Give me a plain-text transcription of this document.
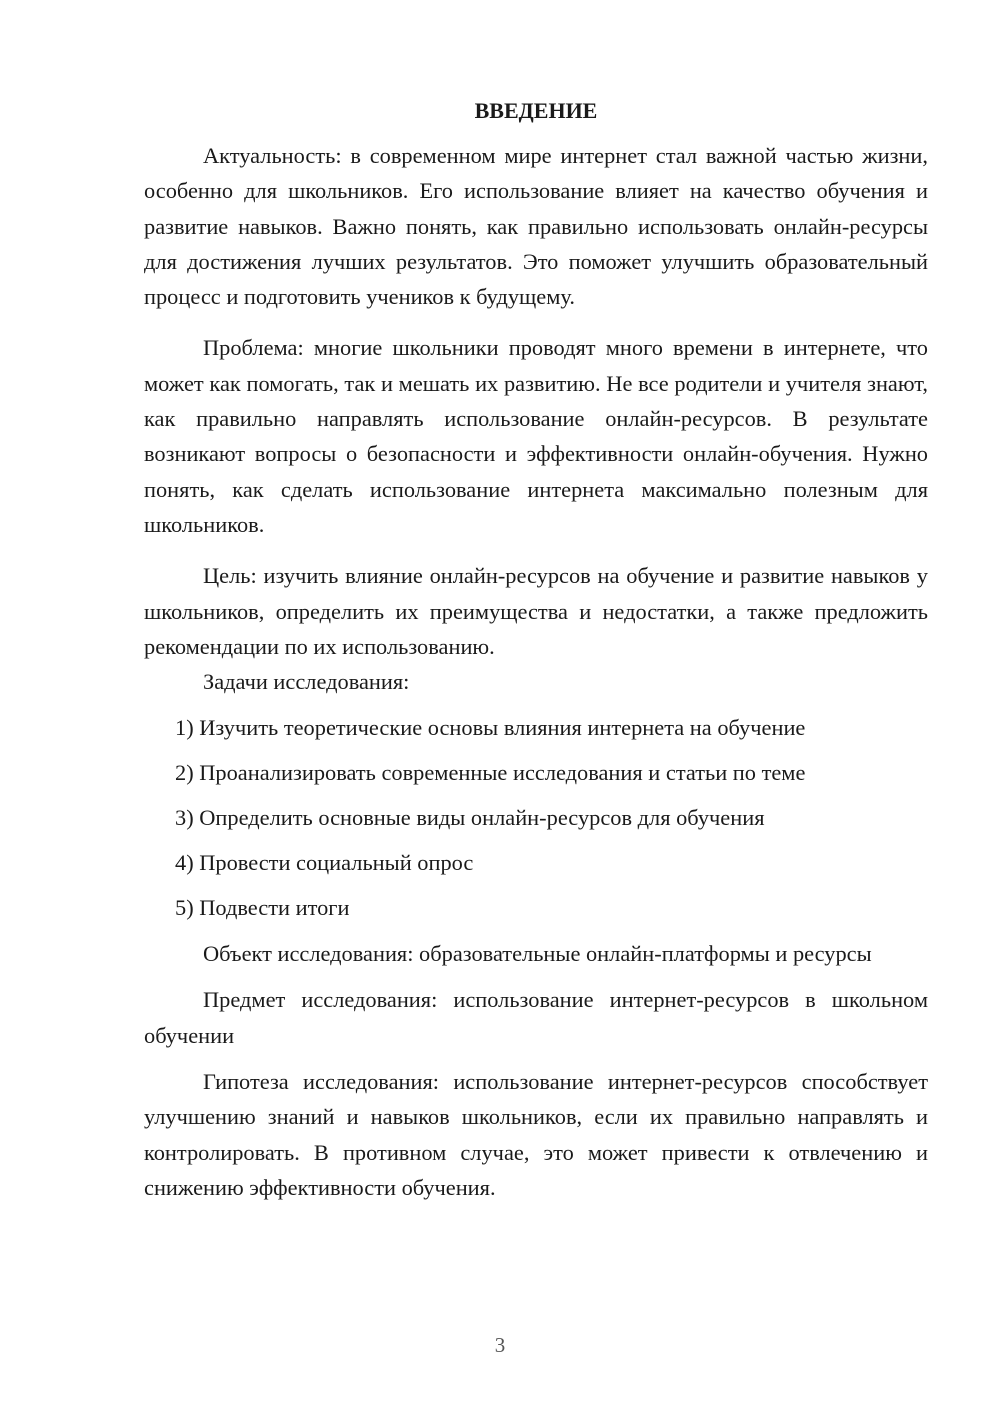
ВВЕДЕНИЕ

Актуальность: в современном мире интернет стал важной частью жизни, особенно для школьников. Его использование влияет на качество обучения и развитие навыков. Важно понять, как правильно использовать онлайн-ресурсы для достижения лучших результатов. Это поможет улучшить образовательный процесс и подготовить учеников к будущему.

Проблема: многие школьники проводят много времени в интернете, что может как помогать, так и мешать их развитию. Не все родители и учителя знают, как правильно направлять использование онлайн-ресурсов. В результате возникают вопросы о безопасности и эффективности онлайн-обучения. Нужно понять, как сделать использование интернета максимально полезным для школьников.

Цель: изучить влияние онлайн-ресурсов на обучение и развитие навыков у школьников, определить их преимущества и недостатки, а также предложить рекомендации по их использованию.

Задачи исследования:

1) Изучить теоретические основы влияния интернета на обучение

2) Проанализировать современные исследования и статьи по теме

3) Определить основные виды онлайн-ресурсов для обучения

4) Провести социальный опрос

5) Подвести итоги

Объект исследования: образовательные онлайн-платформы и ресурсы

Предмет исследования: использование интернет-ресурсов в школьном обучении

Гипотеза исследования: использование интернет-ресурсов способствует улучшению знаний и навыков школьников, если их правильно направлять и контролировать. В противном случае, это может привести к отвлечению и снижению эффективности обучения.

3
